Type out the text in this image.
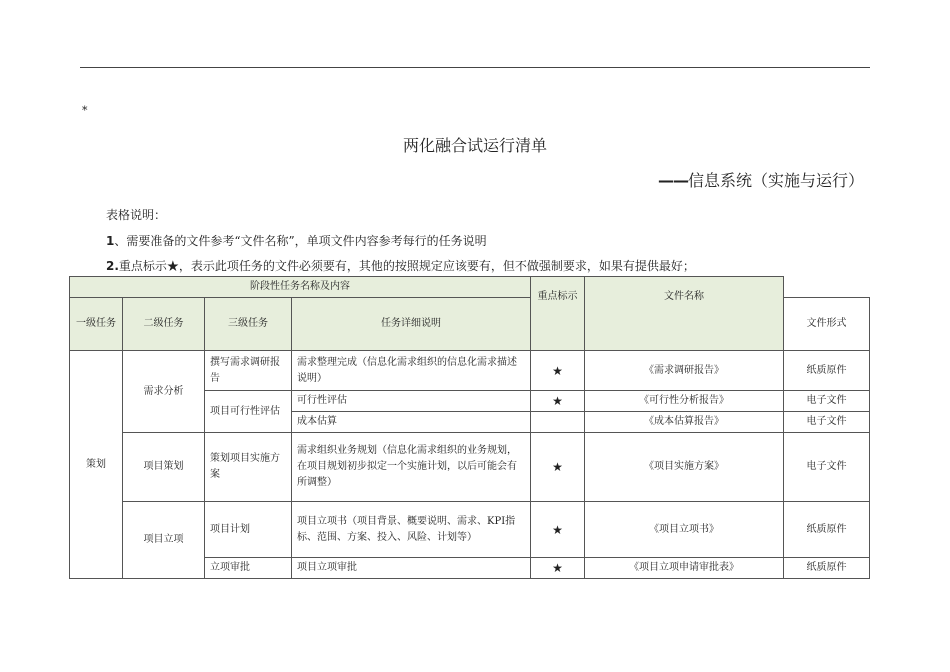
*
两化融合试运行清单
——信息系统（实施与运行）
表格说明：
1、需要准备的文件参考“文件名称”，单项文件内容参考每行的任务说明
2.重点标示★，表示此项任务的文件必须要有，其他的按照规定应该要有，但不做强制要求，如果有提供最好；
阶段性任务名称及内容				重点标示	文件名称	
一级任务	二级任务	三级任务	任务详细说明			文件形式
策划	需求分析	撰写需求调研报告	需求整理完成（信息化需求组织的信息化需求描述说明）	★	《需求调研报告》	纸质原件
		项目可行性评估	可行性评估	★	《可行性分析报告》	电子文件
			成本估算		《成本估算报告》	电子文件
	项目策划	策划项目实施方案	需求组织业务规划（信息化需求组织的业务规划，在项目规划初步拟定一个实施计划，以后可能会有所调整）	★	《项目实施方案》	电子文件
	项目立项	项目计划	项目立项书（项目背景、概要说明、需求、KPI指标、范围、方案、投入、风险、计划等）	★	《项目立项书》	纸质原件
		立项审批	项目立项审批	★	《项目立项申请审批表》	纸质原件
